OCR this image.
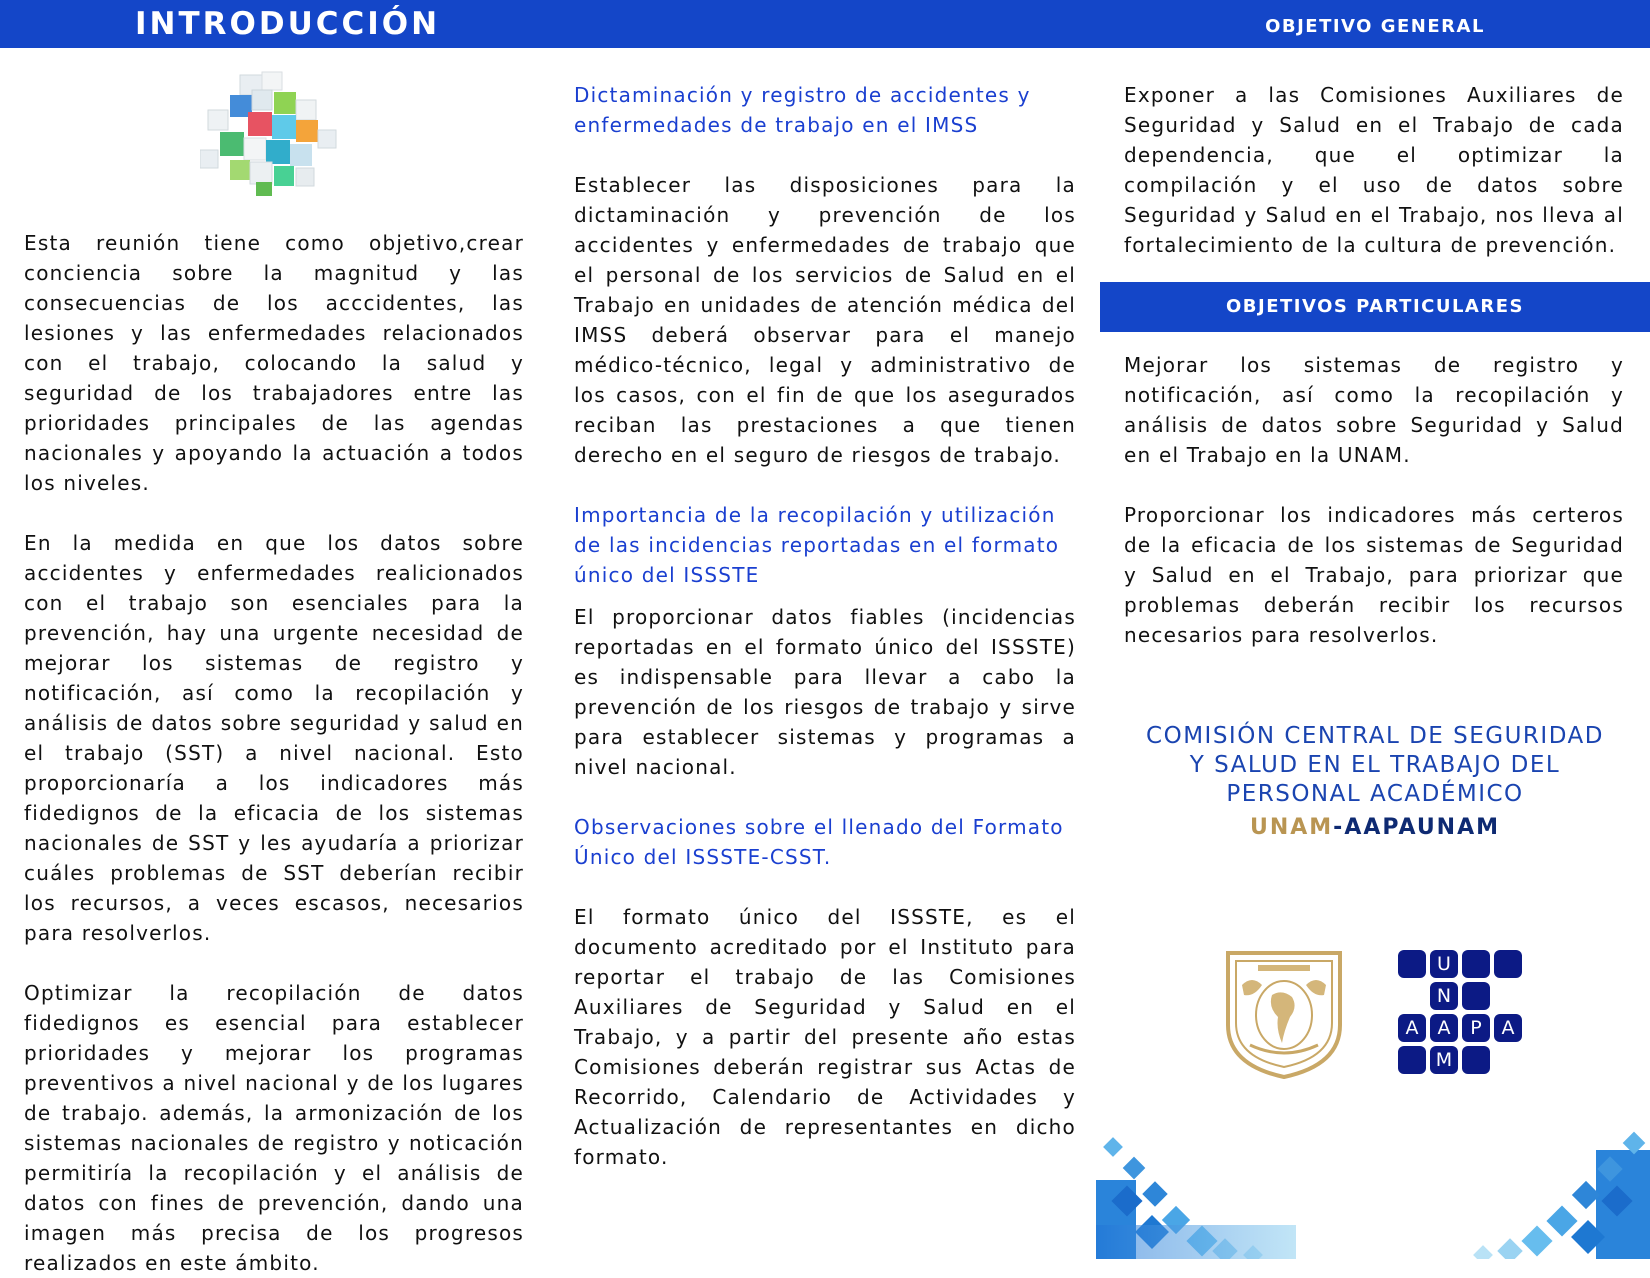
INTRODUCCIÓN	OBJETIVO GENERAL
OBJETIVOS PARTICULARES

Esta reunión tiene como objetivo,crear conciencia sobre la magnitud y las consecuencias de los acccidentes, las lesiones y las enfermedades relacionados con el trabajo, colocando la salud y seguridad de los trabajadores entre las prioridades principales de las agendas nacionales y apoyando la actuación a todos los niveles.

En la medida en que los datos sobre accidentes y enfermedades realicionados con el trabajo son esenciales para la prevención, hay una urgente necesidad de mejorar los sistemas de registro y notificación, así como la recopilación y análisis de datos sobre seguridad y salud en el trabajo (SST) a nivel nacional. Esto proporcionaría a los indicadores más fidedignos de la eficacia de los sistemas nacionales de SST y les ayudaría a priorizar cuáles problemas de SST deberían recibir los recursos, a veces escasos, necesarios para resolverlos.

Optimizar la recopilación de datos fidedignos es esencial para establecer prioridades y mejorar los programas preventivos a nivel nacional y de los lugares de trabajo. además, la armonización de los sistemas nacionales de registro y noticación permitiría la recopilación y el análisis de datos con fines de prevención, dando una imagen más precisa de los progresos realizados en este ámbito.

Dictaminación y registro de accidentes y enfermedades de trabajo en el IMSS

Establecer las disposiciones para la dictaminación y prevención de los accidentes y enfermedades de trabajo que el personal de los servicios de Salud en el Trabajo en unidades de atención médica del IMSS deberá observar para el manejo médico-técnico, legal y administrativo de los casos, con el fin de que los asegurados reciban las prestaciones a que tienen derecho en el seguro de riesgos de trabajo.

Importancia de la recopilación y utilización de las incidencias reportadas en el formato único del ISSSTE

El proporcionar datos fiables (incidencias reportadas en el formato único del ISSSTE) es indispensable para llevar a cabo la prevención de los riesgos de trabajo y sirve para establecer sistemas y programas a nivel nacional.

Observaciones sobre el llenado del Formato Único del ISSSTE-CSST.

El formato único del ISSSTE, es el documento acreditado por el Instituto para reportar el trabajo de las Comisiones Auxiliares de Seguridad y Salud en el Trabajo, y a partir del presente año estas Comisiones deberán registrar sus Actas de Recorrido, Calendario de Actividades y Actualización de representantes en dicho formato.

Exponer a las Comisiones Auxiliares de Seguridad y Salud en el Trabajo de cada dependencia, que el optimizar la compilación y el uso de datos sobre Seguridad y Salud en el Trabajo, nos lleva al fortalecimiento de la cultura de prevención.

Mejorar los sistemas de registro y notificación, así como la recopilación y análisis de datos sobre Seguridad y Salud en el Trabajo en la UNAM.

Proporcionar los indicadores más certeros de la eficacia de los sistemas de Seguridad y Salud en el Trabajo, para priorizar que problemas deberán recibir los recursos necesarios para resolverlos.

COMISIÓN CENTRAL DE SEGURIDAD
Y SALUD EN EL TRABAJO DEL
PERSONAL ACADÉMICO
UNAM-AAPAUNAM
U
N
A	A	P	A
M
